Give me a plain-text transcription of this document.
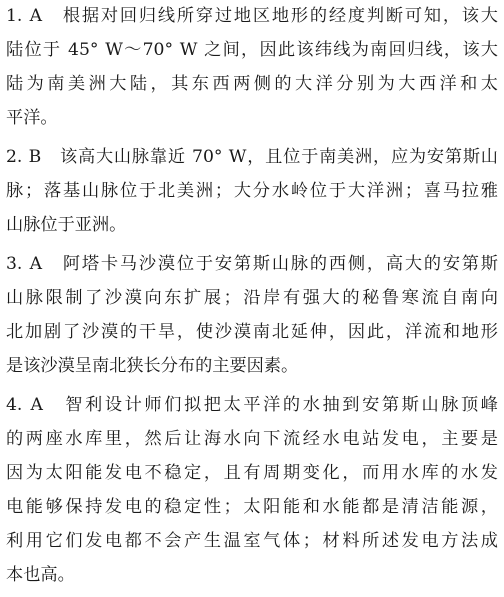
1. A　根据对回归线所穿过地区地形的经度判断可知，该大
陆位于 45° W～70° W 之间，因此该纬线为南回归线，该大
陆为南美洲大陆，其东西两侧的大洋分别为大西洋和太
平洋。
2. B　该高大山脉靠近 70° W，且位于南美洲，应为安第斯山
脉；落基山脉位于北美洲；大分水岭位于大洋洲；喜马拉雅
山脉位于亚洲。
3. A　阿塔卡马沙漠位于安第斯山脉的西侧，高大的安第斯
山脉限制了沙漠向东扩展；沿岸有强大的秘鲁寒流自南向
北加剧了沙漠的干旱，使沙漠南北延伸，因此，洋流和地形
是该沙漠呈南北狭长分布的主要因素。
4. A　智利设计师们拟把太平洋的水抽到安第斯山脉顶峰
的两座水库里，然后让海水向下流经水电站发电，主要是
因为太阳能发电不稳定，且有周期变化，而用水库的水发
电能够保持发电的稳定性；太阳能和水能都是清洁能源，
利用它们发电都不会产生温室气体；材料所述发电方法成
本也高。
